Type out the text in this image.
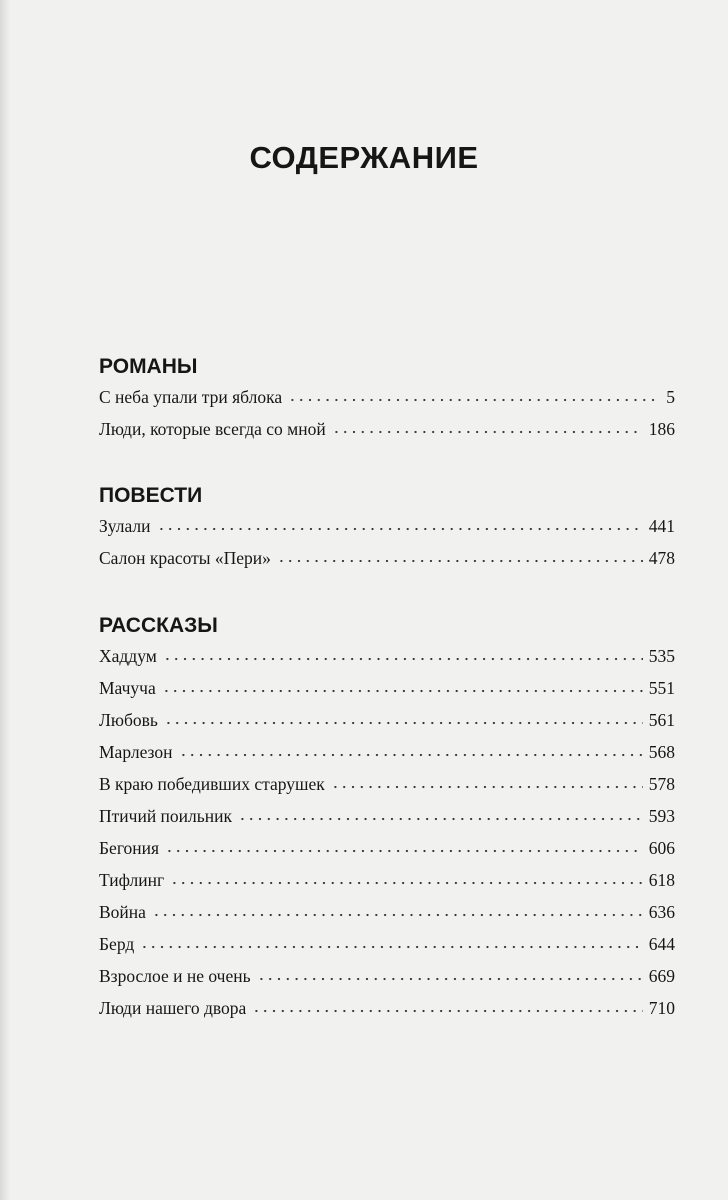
СОДЕРЖАНИЕ
РОМАНЫ
С неба упали три яблока	5
Люди, которые всегда со мной	186
ПОВЕСТИ
Зулали	441
Салон красоты «Пери»	478
РАССКАЗЫ
Хаддум	535
Мачуча	551
Любовь	561
Марлезон	568
В краю победивших старушек	578
Птичий поильник	593
Бегония	606
Тифлинг	618
Война	636
Берд	644
Взрослое и не очень	669
Люди нашего двора	710
